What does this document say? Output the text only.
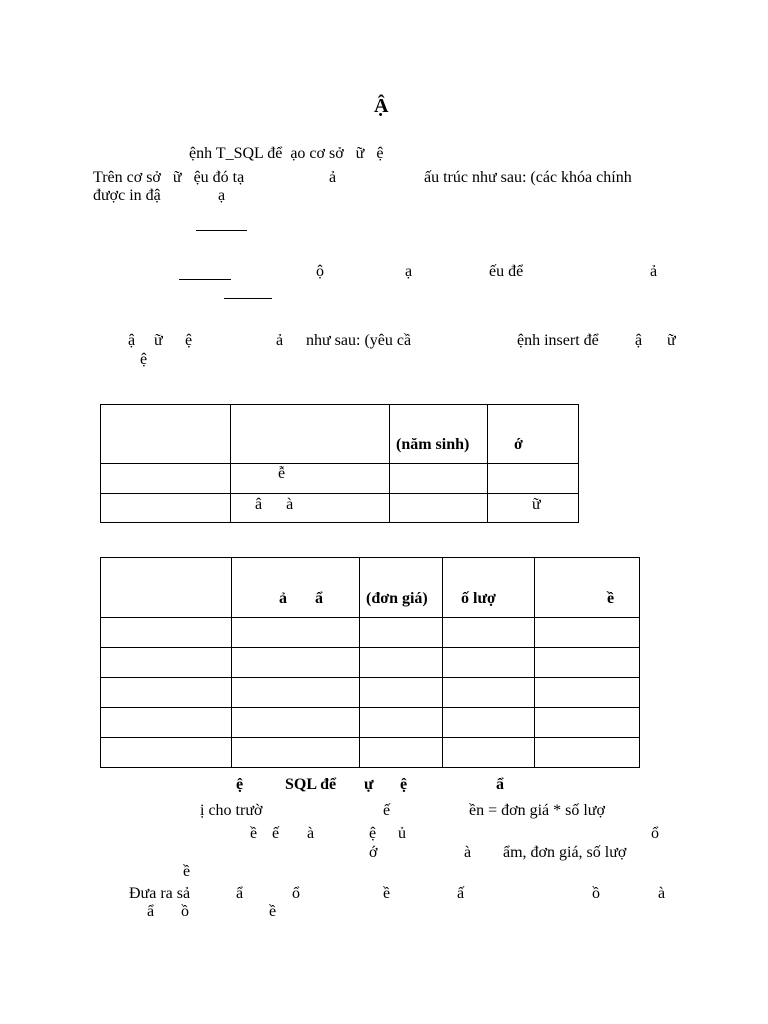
Ậ
ệnh T_SQL để  ạo cơ sở   ữ   ệ
Trên cơ sở   ữ   ệu đó tạ	ả	ấu trúc như sau: (các khóa chính
được in đậ	ạ
ộ	ạ	ếu để	ả
ậ ữ ệ	ả như sau: (yêu cầ	ệnh insert để ậ ữ
ệ

		(năm sinh)	ớ

	ễ		

	â      à		ữ

	ả       ẩ	(đơn giá)	ố lượ	ề

ệ	SQL để ự ệ	ẩ
ị cho trườ	ế	ền = đơn giá * số lượ
ề ế à	ệ ủ	ổ
ớ	à ẩm, đơn giá, số lượ
ề
Đưa ra sả	ẩ	ổ	ề	ấ	ồ	à
ẩ ồ	ề
